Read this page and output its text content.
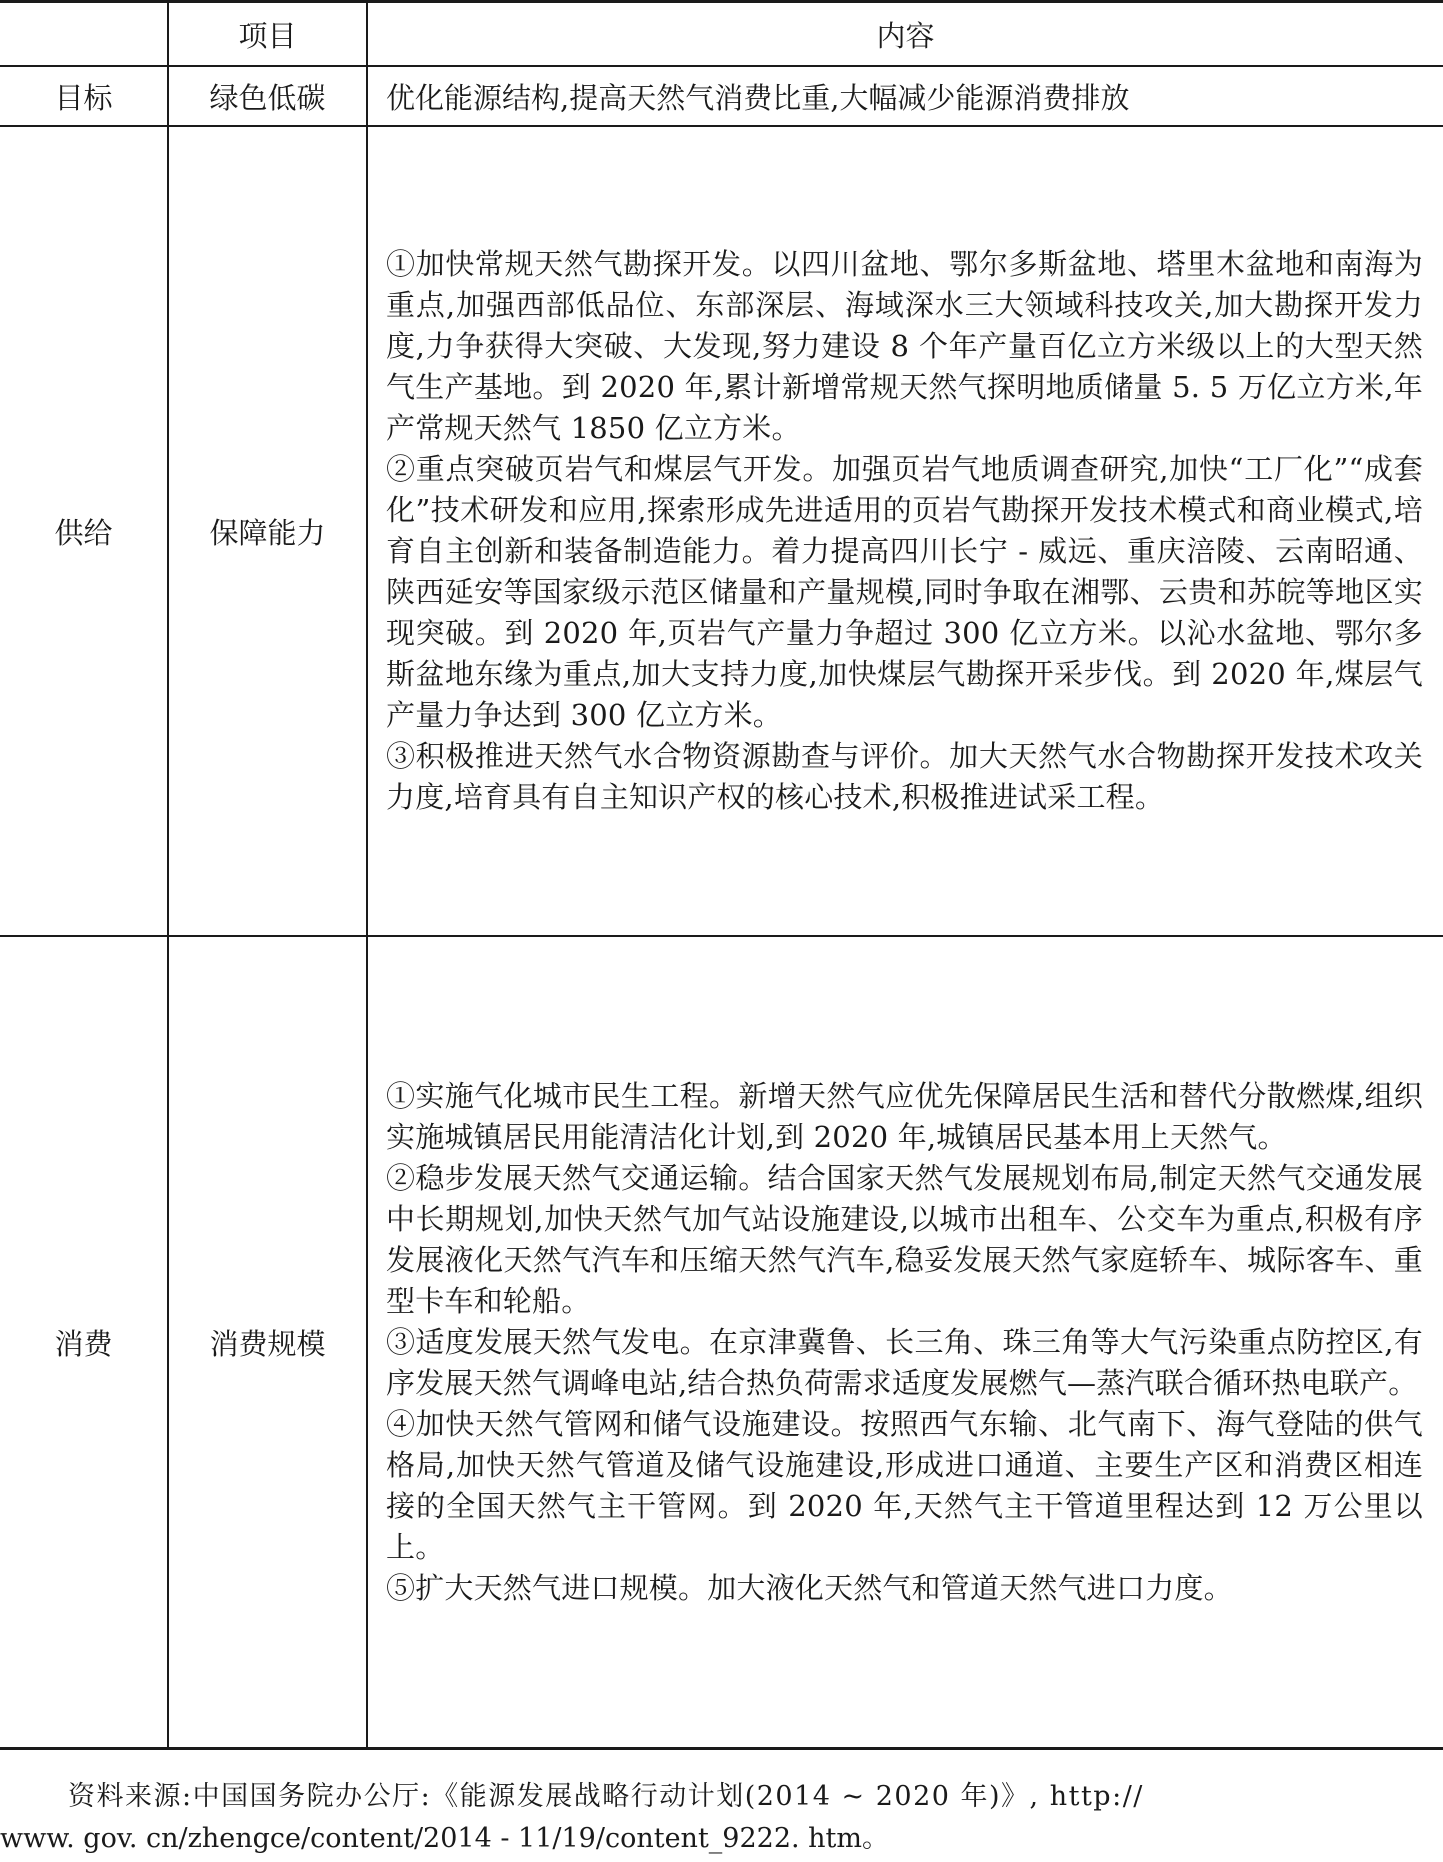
	项目	内容
目标	绿色低碳	优化能源结构,提高天然气消费比重,大幅减少能源消费排放
供给	保障能力	①加快常规天然气勘探开发。以四川盆地、鄂尔多斯盆地、塔里木盆地和南海为重点,加强西部低品位、东部深层、海域深水三大领域科技攻关,加大勘探开发力度,力争获得大突破、大发现,努力建设 8 个年产量百亿立方米级以上的大型天然气生产基地。到 2020 年,累计新增常规天然气探明地质储量 5. 5 万亿立方米,年产常规天然气 1850 亿立方米。

②重点突破页岩气和煤层气开发。加强页岩气地质调查研究,加快“工厂化”“成套化”技术研发和应用,探索形成先进适用的页岩气勘探开发技术模式和商业模式,培育自主创新和装备制造能力。着力提高四川长宁 - 威远、重庆涪陵、云南昭通、陕西延安等国家级示范区储量和产量规模,同时争取在湘鄂、云贵和苏皖等地区实现突破。到 2020 年,页岩气产量力争超过 300 亿立方米。以沁水盆地、鄂尔多斯盆地东缘为重点,加大支持力度,加快煤层气勘探开采步伐。到 2020 年,煤层气产量力争达到 300 亿立方米。

③积极推进天然气水合物资源勘查与评价。加大天然气水合物勘探开发技术攻关力度,培育具有自主知识产权的核心技术,积极推进试采工程。

消费	消费规模	①实施气化城市民生工程。新增天然气应优先保障居民生活和替代分散燃煤,组织实施城镇居民用能清洁化计划,到 2020 年,城镇居民基本用上天然气。

②稳步发展天然气交通运输。结合国家天然气发展规划布局,制定天然气交通发展中长期规划,加快天然气加气站设施建设,以城市出租车、公交车为重点,积极有序发展液化天然气汽车和压缩天然气汽车,稳妥发展天然气家庭轿车、城际客车、重型卡车和轮船。

③适度发展天然气发电。在京津冀鲁、长三角、珠三角等大气污染重点防控区,有序发展天然气调峰电站,结合热负荷需求适度发展燃气—蒸汽联合循环热电联产。

④加快天然气管网和储气设施建设。按照西气东输、北气南下、海气登陆的供气格局,加快天然气管道及储气设施建设,形成进口通道、主要生产区和消费区相连接的全国天然气主干管网。到 2020 年,天然气主干管道里程达到 12 万公里以上。

⑤扩大天然气进口规模。加大液化天然气和管道天然气进口力度。

资料来源:中国国务院办公厅:《能源发展战略行动计划(2014 ~ 2020 年)》, http://
www. gov. cn/zhengce/content/2014 - 11/19/content_9222. htm。
